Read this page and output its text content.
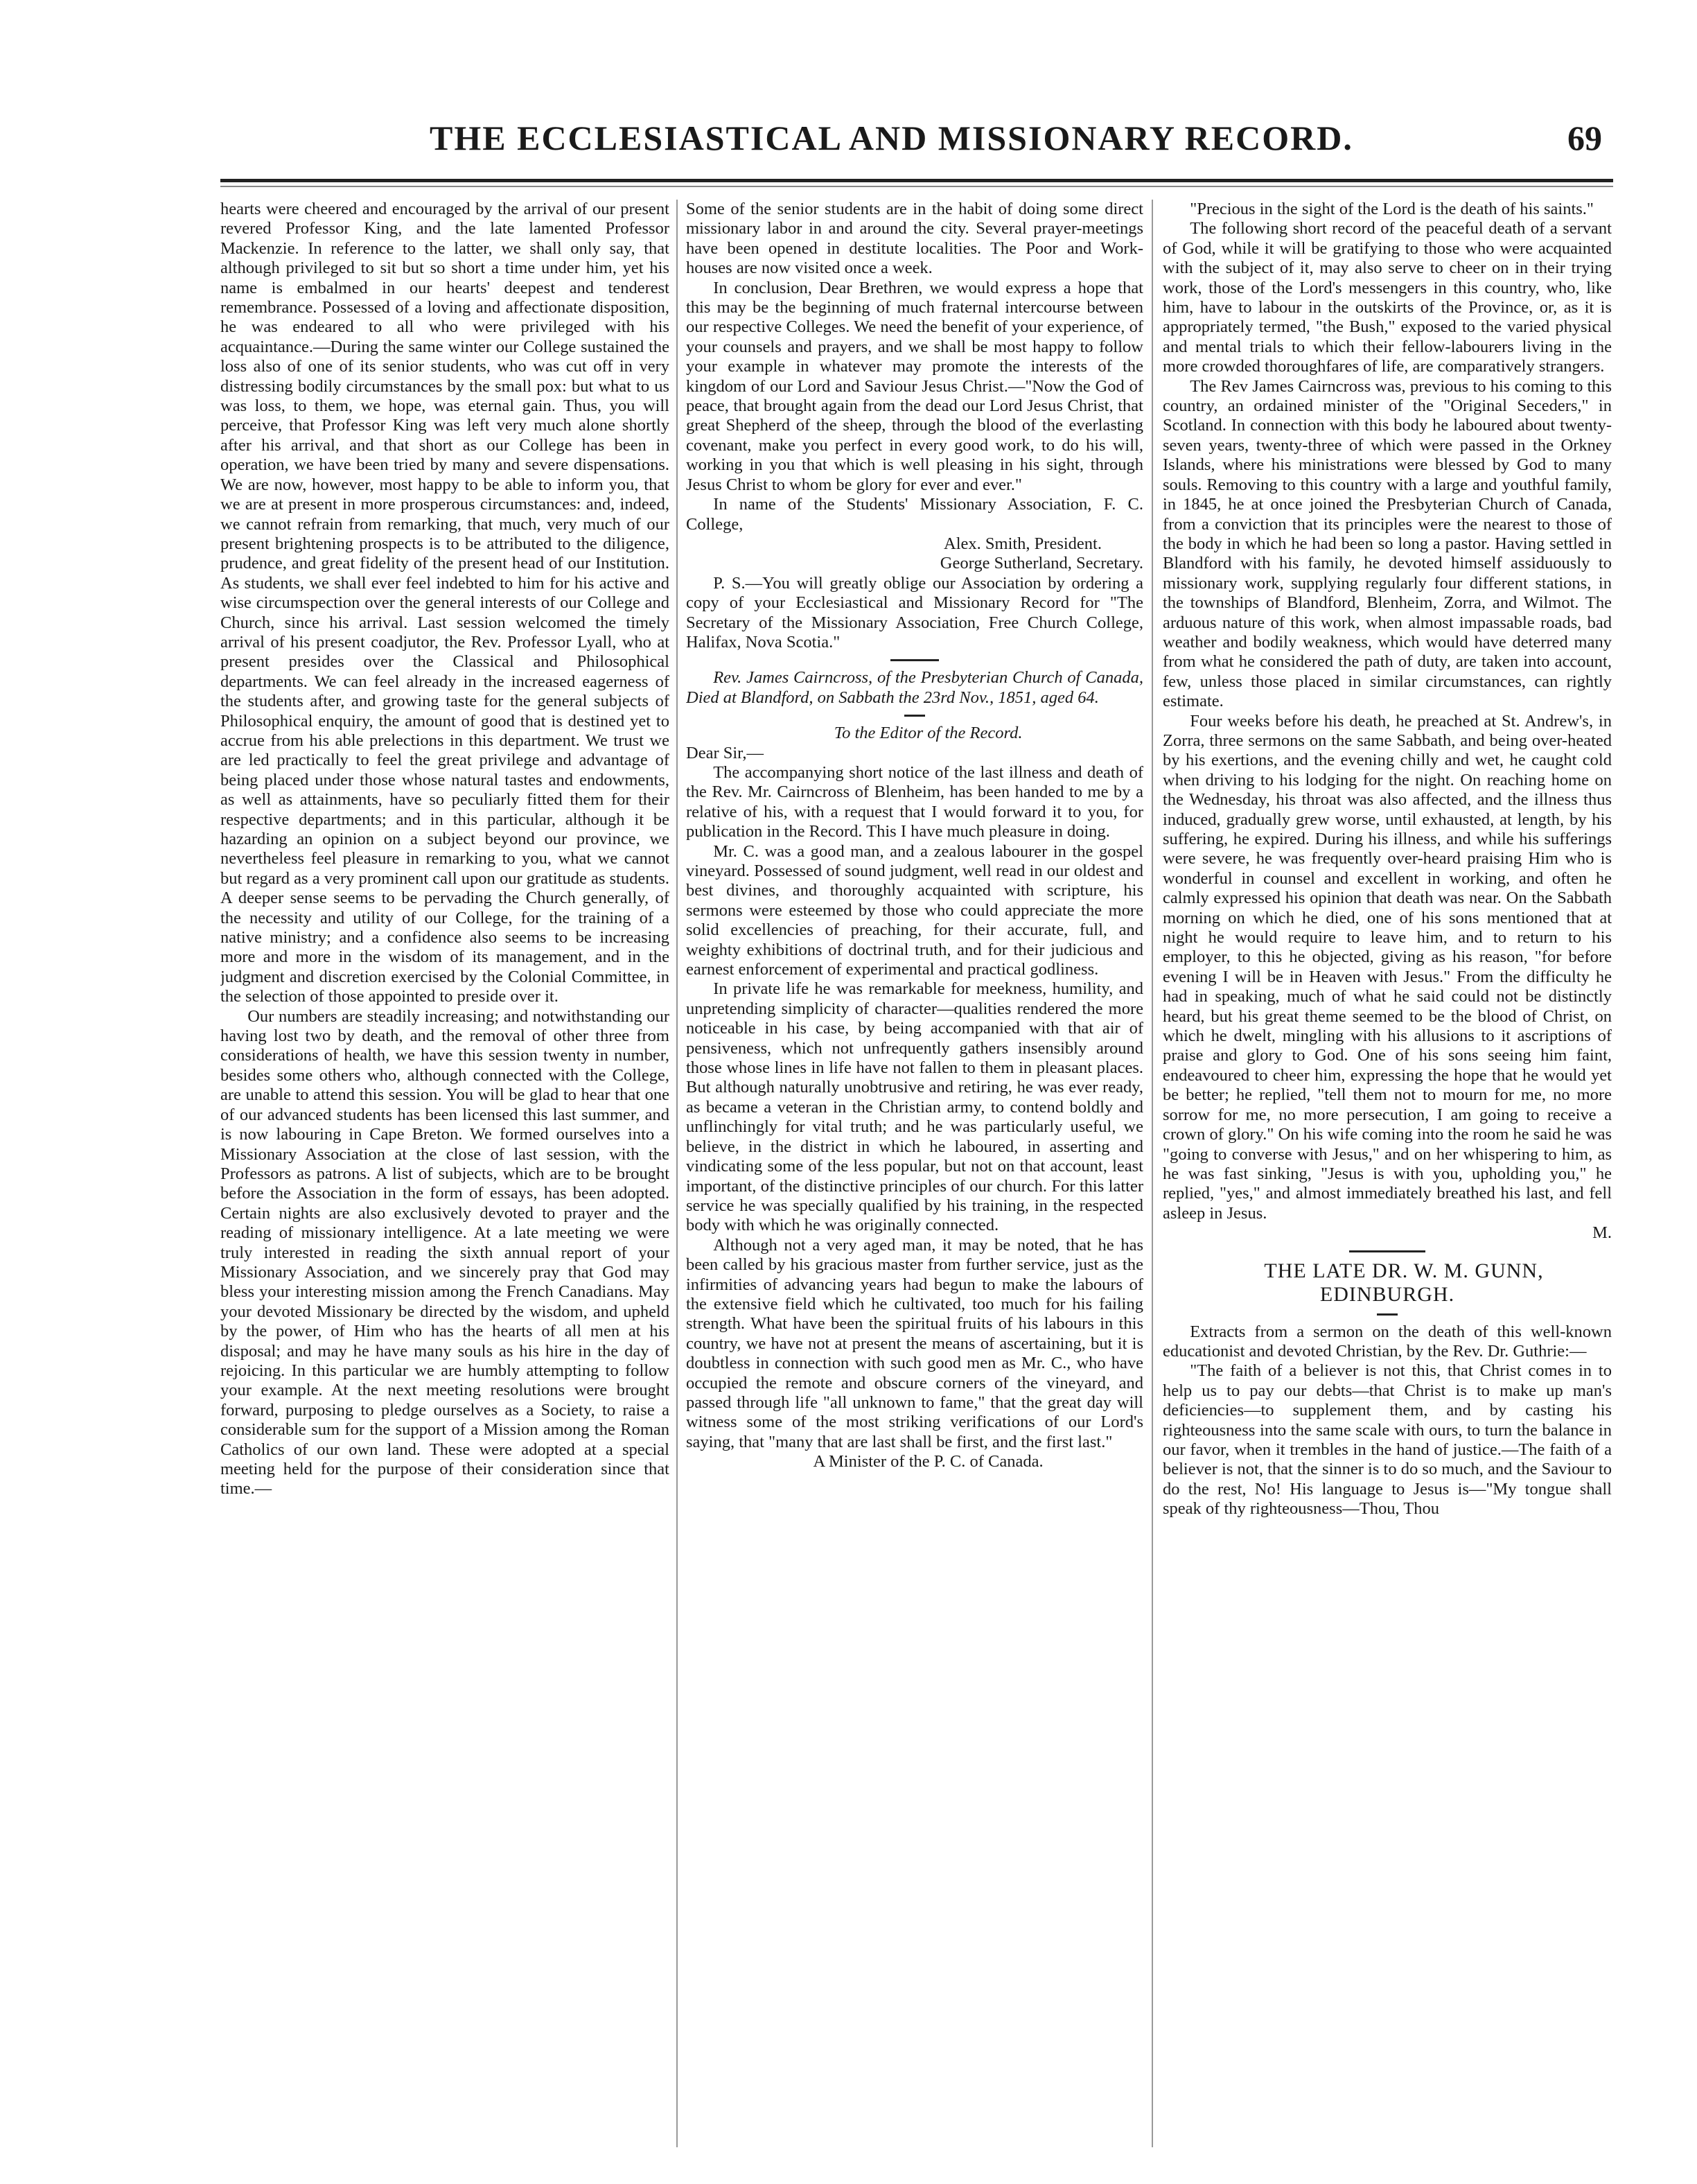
THE ECCLESIASTICAL AND MISSIONARY RECORD.	69

hearts were cheered and encouraged by the arrival of our present revered Professor King, and the late lamented Professor Mackenzie. In reference to the latter, we shall only say, that although privileged to sit but so short a time under him, yet his name is embalmed in our hearts' deepest and tenderest remembrance. Possessed of a loving and affectionate disposition, he was endeared to all who were privileged with his acquaintance.—During the same winter our College sustained the loss also of one of its senior students, who was cut off in very distressing bodily circumstances by the small pox: but what to us was loss, to them, we hope, was eternal gain. Thus, you will perceive, that Professor King was left very much alone shortly after his arrival, and that short as our College has been in operation, we have been tried by many and severe dispensations. We are now, however, most happy to be able to inform you, that we are at present in more prosperous circumstances: and, indeed, we cannot refrain from remarking, that much, very much of our present brightening prospects is to be attributed to the diligence, prudence, and great fidelity of the present head of our Institution. As students, we shall ever feel indebted to him for his active and wise circumspection over the general interests of our College and Church, since his arrival. Last session welcomed the timely arrival of his present coadjutor, the Rev. Professor Lyall, who at present presides over the Classical and Philosophical departments. We can feel already in the increased eagerness of the students after, and growing taste for the general subjects of Philosophical enquiry, the amount of good that is destined yet to accrue from his able prelections in this department. We trust we are led practically to feel the great privilege and advantage of being placed under those whose natural tastes and endowments, as well as attainments, have so peculiarly fitted them for their respective departments; and in this particular, although it be hazarding an opinion on a subject beyond our province, we nevertheless feel pleasure in remarking to you, what we cannot but regard as a very prominent call upon our gratitude as students. A deeper sense seems to be pervading the Church generally, of the necessity and utility of our College, for the training of a native ministry; and a confidence also seems to be increasing more and more in the wisdom of its management, and in the judgment and discretion exercised by the Colonial Committee, in the selection of those appointed to preside over it.

Our numbers are steadily increasing; and notwithstanding our having lost two by death, and the removal of other three from considerations of health, we have this session twenty in number, besides some others who, although connected with the College, are unable to attend this session. You will be glad to hear that one of our advanced students has been licensed this last summer, and is now labouring in Cape Breton. We formed ourselves into a Missionary Association at the close of last session, with the Professors as patrons. A list of subjects, which are to be brought before the Association in the form of essays, has been adopted. Certain nights are also exclusively devoted to prayer and the reading of missionary intelligence. At a late meeting we were truly interested in reading the sixth annual report of your Missionary Association, and we sincerely pray that God may bless your interesting mission among the French Canadians. May your devoted Missionary be directed by the wisdom, and upheld by the power, of Him who has the hearts of all men at his disposal; and may he have many souls as his hire in the day of rejoicing. In this particular we are humbly attempting to follow your example. At the next meeting resolutions were brought forward, purposing to pledge ourselves as a Society, to raise a considerable sum for the support of a Mission among the Roman Catholics of our own land. These were adopted at a special meeting held for the purpose of their consideration since that time.—

Some of the senior students are in the habit of doing some direct missionary labor in and around the city. Several prayer-meetings have been opened in destitute localities. The Poor and Work-houses are now visited once a week.

In conclusion, Dear Brethren, we would express a hope that this may be the beginning of much fraternal intercourse between our respective Colleges. We need the benefit of your experience, of your counsels and prayers, and we shall be most happy to follow your example in whatever may promote the interests of the kingdom of our Lord and Saviour Jesus Christ.—"Now the God of peace, that brought again from the dead our Lord Jesus Christ, that great Shepherd of the sheep, through the blood of the everlasting covenant, make you perfect in every good work, to do his will, working in you that which is well pleasing in his sight, through Jesus Christ to whom be glory for ever and ever."

In name of the Students' Missionary Association, F. C. College,

Alex. Smith, President.

George Sutherland, Secretary.

P. S.—You will greatly oblige our Association by ordering a copy of your Ecclesiastical and Missionary Record for "The Secretary of the Missionary Association, Free Church College, Halifax, Nova Scotia."

Rev. James Cairncross, of the Presbyterian Church of Canada, Died at Blandford, on Sabbath the 23rd Nov., 1851, aged 64.

To the Editor of the Record.

Dear Sir,—

The accompanying short notice of the last illness and death of the Rev. Mr. Cairncross of Blenheim, has been handed to me by a relative of his, with a request that I would forward it to you, for publication in the Record. This I have much pleasure in doing.

Mr. C. was a good man, and a zealous labourer in the gospel vineyard. Possessed of sound judgment, well read in our oldest and best divines, and thoroughly acquainted with scripture, his sermons were esteemed by those who could appreciate the more solid excellencies of preaching, for their accurate, full, and weighty exhibitions of doctrinal truth, and for their judicious and earnest enforcement of experimental and practical godliness.

In private life he was remarkable for meekness, humility, and unpretending simplicity of character—qualities rendered the more noticeable in his case, by being accompanied with that air of pensiveness, which not unfrequently gathers insensibly around those whose lines in life have not fallen to them in pleasant places. But although naturally unobtrusive and retiring, he was ever ready, as became a veteran in the Christian army, to contend boldly and unflinchingly for vital truth; and he was particularly useful, we believe, in the district in which he laboured, in asserting and vindicating some of the less popular, but not on that account, least important, of the distinctive principles of our church. For this latter service he was specially qualified by his training, in the respected body with which he was originally connected.

Although not a very aged man, it may be noted, that he has been called by his gracious master from further service, just as the infirmities of advancing years had begun to make the labours of the extensive field which he cultivated, too much for his failing strength. What have been the spiritual fruits of his labours in this country, we have not at present the means of ascertaining, but it is doubtless in connection with such good men as Mr. C., who have occupied the remote and obscure corners of the vineyard, and passed through life "all unknown to fame," that the great day will witness some of the most striking verifications of our Lord's saying, that "many that are last shall be first, and the first last."

A Minister of the P. C. of Canada.

"Precious in the sight of the Lord is the death of his saints."

The following short record of the peaceful death of a servant of God, while it will be gratifying to those who were acquainted with the subject of it, may also serve to cheer on in their trying work, those of the Lord's messengers in this country, who, like him, have to labour in the outskirts of the Province, or, as it is appropriately termed, "the Bush," exposed to the varied physical and mental trials to which their fellow-labourers living in the more crowded thoroughfares of life, are comparatively strangers.

The Rev James Cairncross was, previous to his coming to this country, an ordained minister of the "Original Seceders," in Scotland. In connection with this body he laboured about twenty-seven years, twenty-three of which were passed in the Orkney Islands, where his ministrations were blessed by God to many souls. Removing to this country with a large and youthful family, in 1845, he at once joined the Presbyterian Church of Canada, from a conviction that its principles were the nearest to those of the body in which he had been so long a pastor. Having settled in Blandford with his family, he devoted himself assiduously to missionary work, supplying regularly four different stations, in the townships of Blandford, Blenheim, Zorra, and Wilmot. The arduous nature of this work, when almost impassable roads, bad weather and bodily weakness, which would have deterred many from what he considered the path of duty, are taken into account, few, unless those placed in similar circumstances, can rightly estimate.

Four weeks before his death, he preached at St. Andrew's, in Zorra, three sermons on the same Sabbath, and being over-heated by his exertions, and the evening chilly and wet, he caught cold when driving to his lodging for the night. On reaching home on the Wednesday, his throat was also affected, and the illness thus induced, gradually grew worse, until exhausted, at length, by his suffering, he expired. During his illness, and while his sufferings were severe, he was frequently over-heard praising Him who is wonderful in counsel and excellent in working, and often he calmly expressed his opinion that death was near. On the Sabbath morning on which he died, one of his sons mentioned that at night he would require to leave him, and to return to his employer, to this he objected, giving as his reason, "for before evening I will be in Heaven with Jesus." From the difficulty he had in speaking, much of what he said could not be distinctly heard, but his great theme seemed to be the blood of Christ, on which he dwelt, mingling with his allusions to it ascriptions of praise and glory to God. One of his sons seeing him faint, endeavoured to cheer him, expressing the hope that he would yet be better; he replied, "tell them not to mourn for me, no more sorrow for me, no more persecution, I am going to receive a crown of glory." On his wife coming into the room he said he was "going to converse with Jesus," and on her whispering to him, as he was fast sinking, "Jesus is with you, upholding you," he replied, "yes," and almost immediately breathed his last, and fell asleep in Jesus.

M.

THE LATE DR. W. M. GUNN, EDINBURGH.

Extracts from a sermon on the death of this well-known educationist and devoted Christian, by the Rev. Dr. Guthrie:—

"The faith of a believer is not this, that Christ comes in to help us to pay our debts—that Christ is to make up man's deficiencies—to supplement them, and by casting his righteousness into the same scale with ours, to turn the balance in our favor, when it trembles in the hand of justice.—The faith of a believer is not, that the sinner is to do so much, and the Saviour to do the rest, No! His language to Jesus is—"My tongue shall speak of thy righteousness—Thou, Thou
